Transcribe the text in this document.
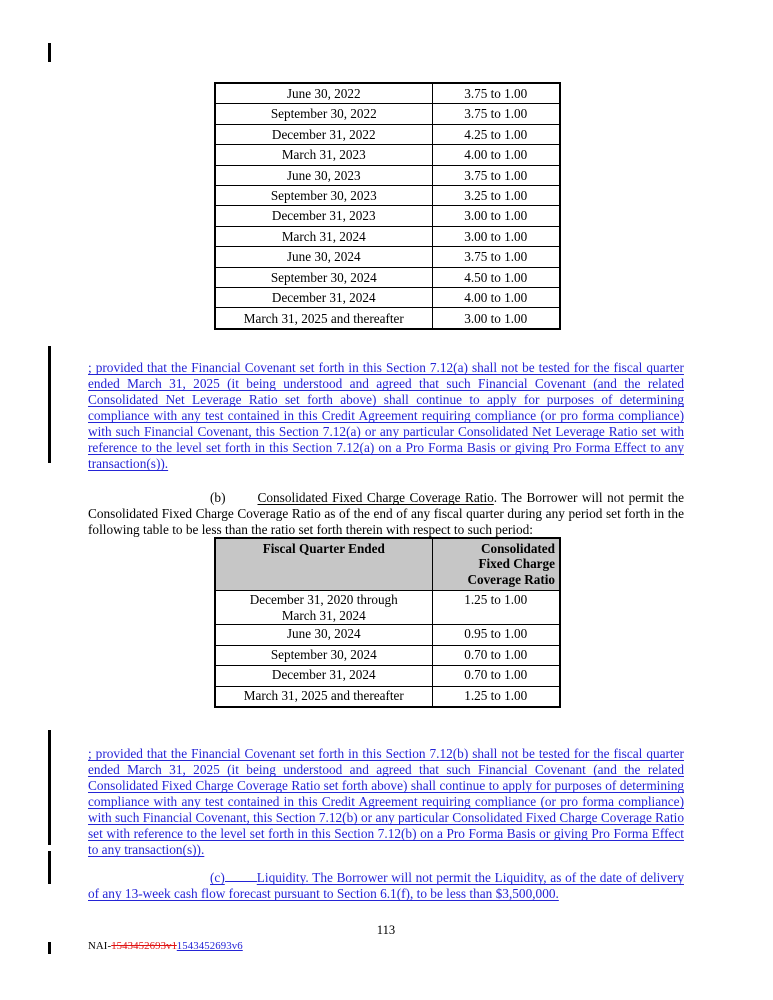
June 30, 2022	3.75 to 1.00
September 30, 2022	3.75 to 1.00
December 31, 2022	4.25 to 1.00
March 31, 2023	4.00 to 1.00
June 30, 2023	3.75 to 1.00
September 30, 2023	3.25 to 1.00
December 31, 2023	3.00 to 1.00
March 31, 2024	3.00 to 1.00
June 30, 2024	3.75 to 1.00
September 30, 2024	4.50 to 1.00
December 31, 2024	4.00 to 1.00
March 31, 2025 and thereafter	3.00 to 1.00

; provided that the Financial Covenant set forth in this Section 7.12(a) shall not be tested for the fiscal quarter ended March 31, 2025 (it being understood and agreed that such Financial Covenant (and the related Consolidated Net Leverage Ratio set forth above) shall continue to apply for purposes of determining compliance with any test contained in this Credit Agreement requiring compliance (or pro forma compliance) with such Financial Covenant, this Section 7.12(a) or any particular Consolidated Net Leverage Ratio set with reference to the level set forth in this Section 7.12(a) on a Pro Forma Basis or giving Pro Forma Effect to any transaction(s)).

(b) Consolidated Fixed Charge Coverage Ratio. The Borrower will not permit the Consolidated Fixed Charge Coverage Ratio as of the end of any fiscal quarter during any period set forth in the following table to be less than the ratio set forth therein with respect to such period:

Fiscal Quarter Ended	Consolidated
Fixed Charge
Coverage Ratio

December 31, 2020 through
March 31, 2024	1.25 to 1.00
June 30, 2024	0.95 to 1.00
September 30, 2024	0.70 to 1.00
December 31, 2024	0.70 to 1.00
March 31, 2025 and thereafter	1.25 to 1.00

; provided that the Financial Covenant set forth in this Section 7.12(b) shall not be tested for the fiscal quarter ended March 31, 2025 (it being understood and agreed that such Financial Covenant (and the related Consolidated Fixed Charge Coverage Ratio set forth above) shall continue to apply for purposes of determining compliance with any test contained in this Credit Agreement requiring compliance (or pro forma compliance) with such Financial Covenant, this Section 7.12(b) or any particular Consolidated Fixed Charge Coverage Ratio set with reference to the level set forth in this Section 7.12(b) on a Pro Forma Basis or giving Pro Forma Effect to any transaction(s)).

(c) Liquidity. The Borrower will not permit the Liquidity, as of the date of delivery of any 13-week cash flow forecast pursuant to Section 6.1(f), to be less than $3,500,000.

113
NAI-1543452693v11543452693v6
